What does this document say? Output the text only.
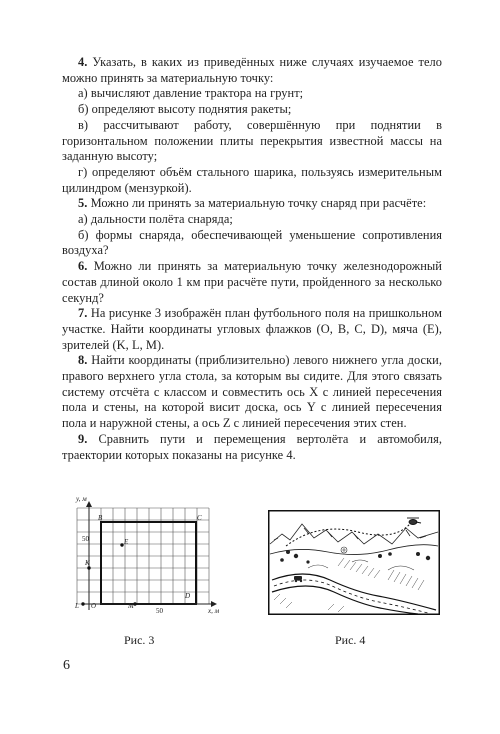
4. Указать, в каких из приведённых ниже случаях изучаемое тело можно принять за материальную точку:

а) вычисляют давление трактора на грунт;

б) определяют высоту поднятия ракеты;

в) рассчитывают работу, совершённую при поднятии в горизонтальном положении плиты перекрытия известной массы на заданную высоту;

г) определяют объём стального шарика, пользуясь измерительным цилиндром (мензуркой).

5. Можно ли принять за материальную точку снаряд при расчёте:

а) дальности полёта снаряда;

б) формы снаряда, обеспечивающей уменьшение сопротивления воздуха?

6. Можно ли принять за материальную точку железнодорожный состав длиной около 1 км при расчёте пути, пройденного за несколько секунд?

7. На рисунке 3 изображён план футбольного поля на пришкольном участке. Найти координаты угловых флажков (O, B, C, D), мяча (E), зрителей (K, L, M).

8. Найти координаты (приблизительно) левого нижнего угла доски, правого верхнего угла стола, за которым вы сидите. Для этого связать систему отсчёта с классом и совместить ось X с линией пересечения пола и стены, на которой висит доска, ось Y с линией пересечения пола и наружной стены, а ось Z с линией пересечения этих стен.

9. Сравнить пути и перемещения вертолёта и автомобиля, траектории которых показаны на рисунке 4.

y, м
x, м
50
50
B	C
D
E
K
L O	M
Рис. 3	Рис. 4
6
